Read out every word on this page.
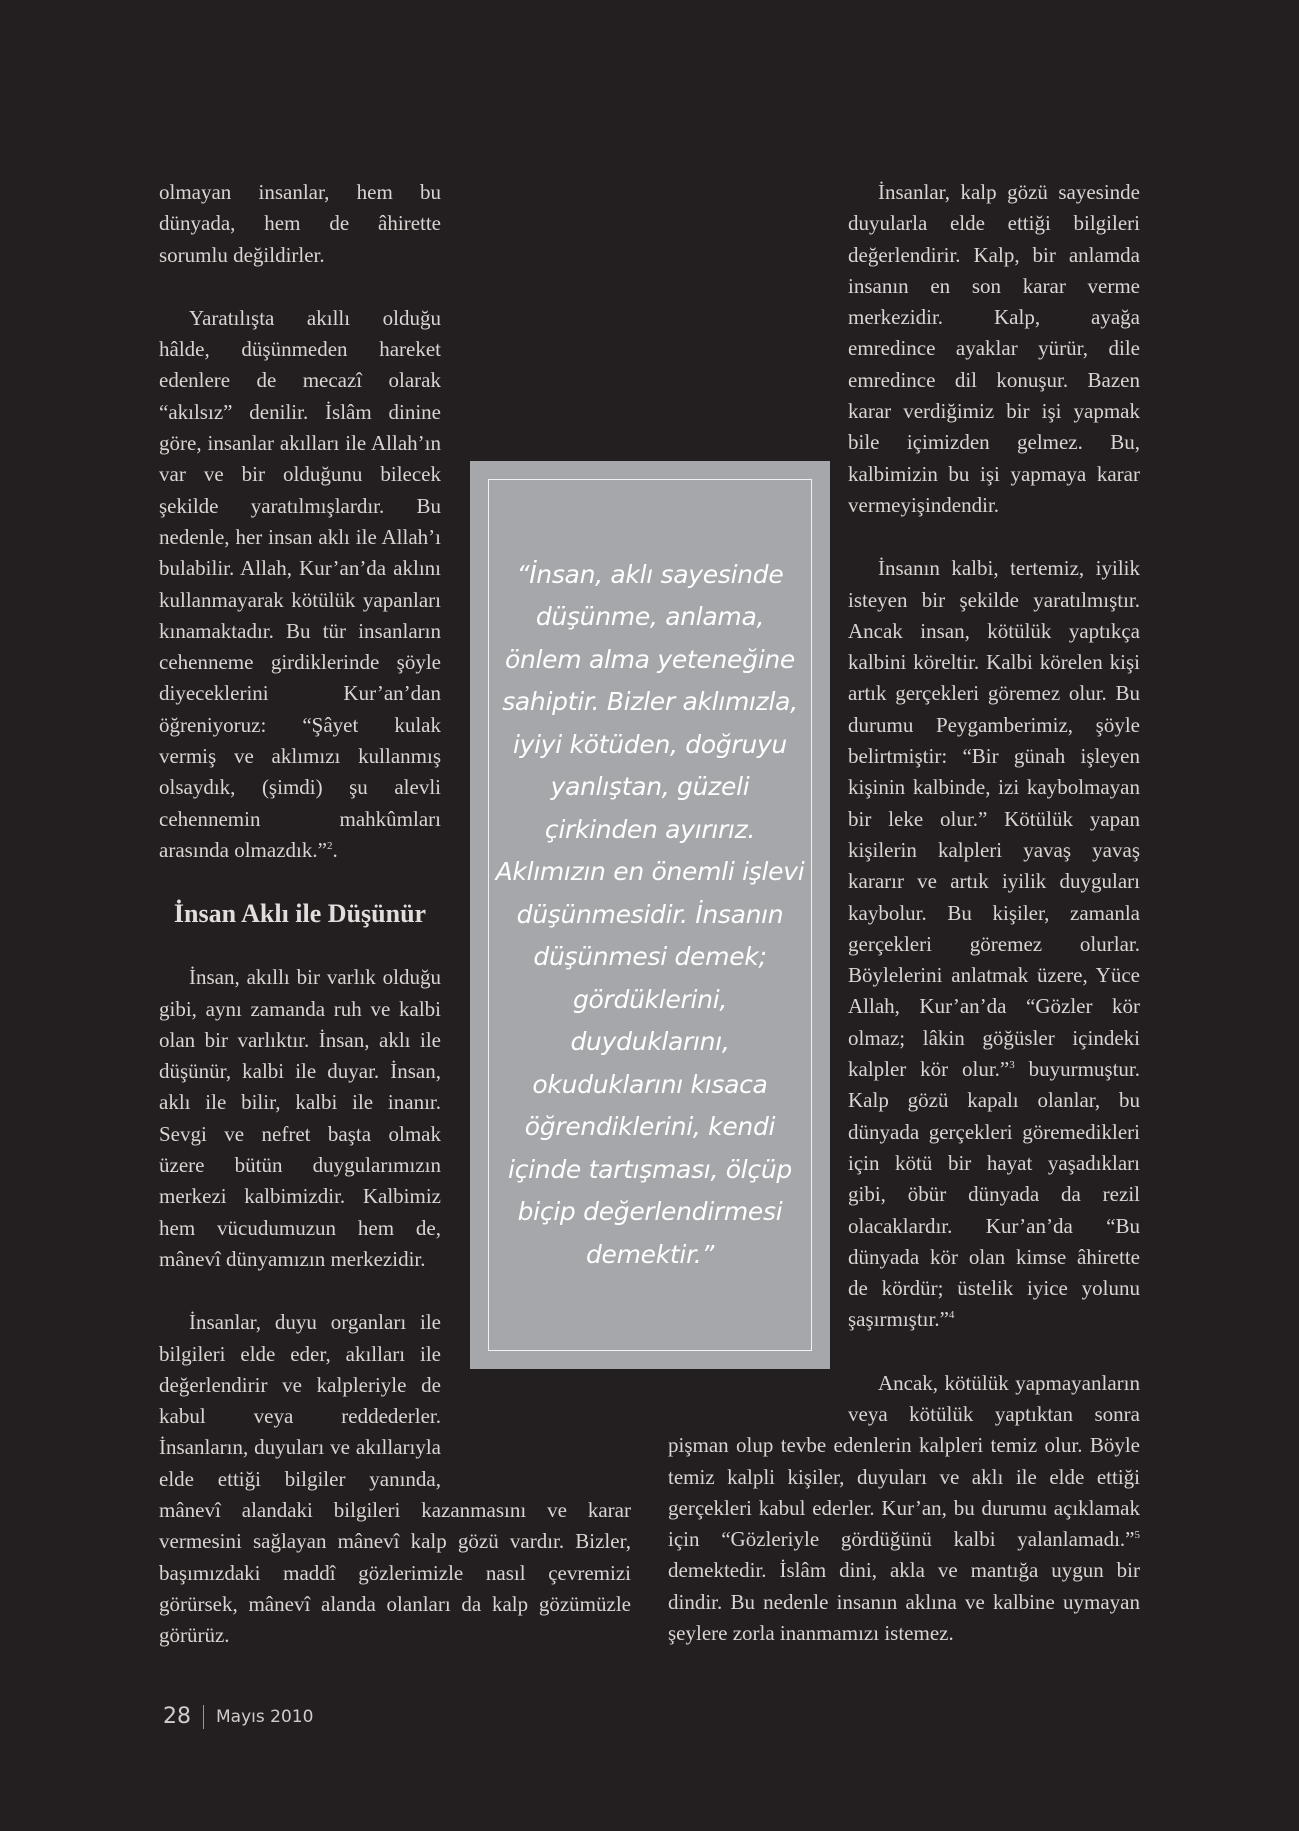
olmayan insanlar, hem bu dünyada, hem de âhirette sorumlu değildirler.

Yaratılışta akıllı olduğu hâlde, düşünmeden hareket edenlere de mecazî olarak “akılsız” denilir. İslâm dinine göre, insanlar akılları ile Allah’ın var ve bir olduğunu bilecek şekilde yaratılmışlardır. Bu nedenle, her insan aklı ile Allah’ı bulabilir. Allah, Kur’an’da aklını kullanmayarak kötülük yapanları kınamaktadır. Bu tür insanların cehenneme girdiklerinde şöyle diyeceklerini Kur’an’dan öğreniyoruz: “Şâyet kulak vermiş ve aklımızı kullanmış olsaydık, (şimdi) şu alevli cehennemin mahkûmları arasında olmazdık.”$^2$.

İnsan Aklı ile Düşünür

İnsan, akıllı bir varlık olduğu gibi, aynı zamanda ruh ve kalbi olan bir varlıktır. İnsan, aklı ile düşünür, kalbi ile duyar. İnsan, aklı ile bilir, kalbi ile inanır. Sevgi ve nefret başta olmak üzere bütün duygularımızın merkezi kalbimizdir. Kalbimiz hem vücudumuzun hem de, mânevî dünyamızın merkezidir.

İnsanlar, duyu organları ile bilgileri elde eder, akılları ile değerlendirir ve kalpleriyle de kabul veya reddederler. İnsanların, duyuları ve akıllarıyla elde ettiği bilgiler yanında, mânevî alandaki bilgileri kazanmasını ve karar vermesini sağlayan mânevî kalp gözü vardır. Bizler, başımızdaki maddî gözlerimizle nasıl çevremizi görürsek, mânevî alanda olanları da kalp gözümüzle görürüz.

İnsanlar, kalp gözü sayesinde duyularla elde ettiği bilgileri değerlendirir. Kalp, bir anlamda insanın en son karar verme merkezidir. Kalp, ayağa emredince ayaklar yürür, dile emredince dil konuşur. Bazen karar verdiğimiz bir işi yapmak bile içimizden gelmez. Bu, kalbimizin bu işi yapmaya karar vermeyişindendir.

İnsanın kalbi, tertemiz, iyilik isteyen bir şekilde yaratılmıştır. Ancak insan, kötülük yaptıkça kalbini köreltir. Kalbi körelen kişi artık gerçekleri göremez olur. Bu durumu Peygamberimiz, şöyle belirtmiştir: “Bir günah işleyen kişinin kalbinde, izi kaybolmayan bir leke olur.” Kötülük yapan kişilerin kalpleri yavaş yavaş kararır ve artık iyilik duyguları kaybolur. Bu kişiler, zamanla gerçekleri göremez olurlar. Böylelerini anlatmak üzere, Yüce Allah, Kur’an’da “Gözler kör olmaz; lâkin göğüsler içindeki kalpler kör olur.”$^3$ buyurmuştur. Kalp gözü kapalı olanlar, bu dünyada gerçekleri göremedikleri için kötü bir hayat yaşadıkları gibi, öbür dünyada da rezil olacaklardır. Kur’an’da “Bu dünyada kör olan kimse âhirette de kördür; üstelik iyice yolunu şaşırmıştır.”$^4$

Ancak, kötülük yapmayanların veya kötülük yaptıktan sonra pişman olup tevbe edenlerin kalpleri temiz olur. Böyle temiz kalpli kişiler, duyuları ve aklı ile elde ettiği gerçekleri kabul ederler. Kur’an, bu durumu açıklamak için “Gözleriyle gördüğünü kalbi yalanlamadı.”$^5$ demektedir. İslâm dini, akla ve mantığa uygun bir dindir. Bu nedenle insanın aklına ve kalbine uymayan şeylere zorla inanmamızı istemez.

“İnsan, aklı sayesinde düşünme, anlama, önlem alma yeteneğine sahiptir. Bizler aklımızla, iyiyi kötüden, doğruyu yanlıştan, güzeli çirkinden ayırırız. Aklımızın en önemli işlevi düşünmesidir. İnsanın düşünmesi demek; gördüklerini, duyduklarını, okuduklarını kısaca öğrendiklerini, kendi içinde tartışması, ölçüp biçip değerlendirmesi demektir.”
28 Mayıs 2010
